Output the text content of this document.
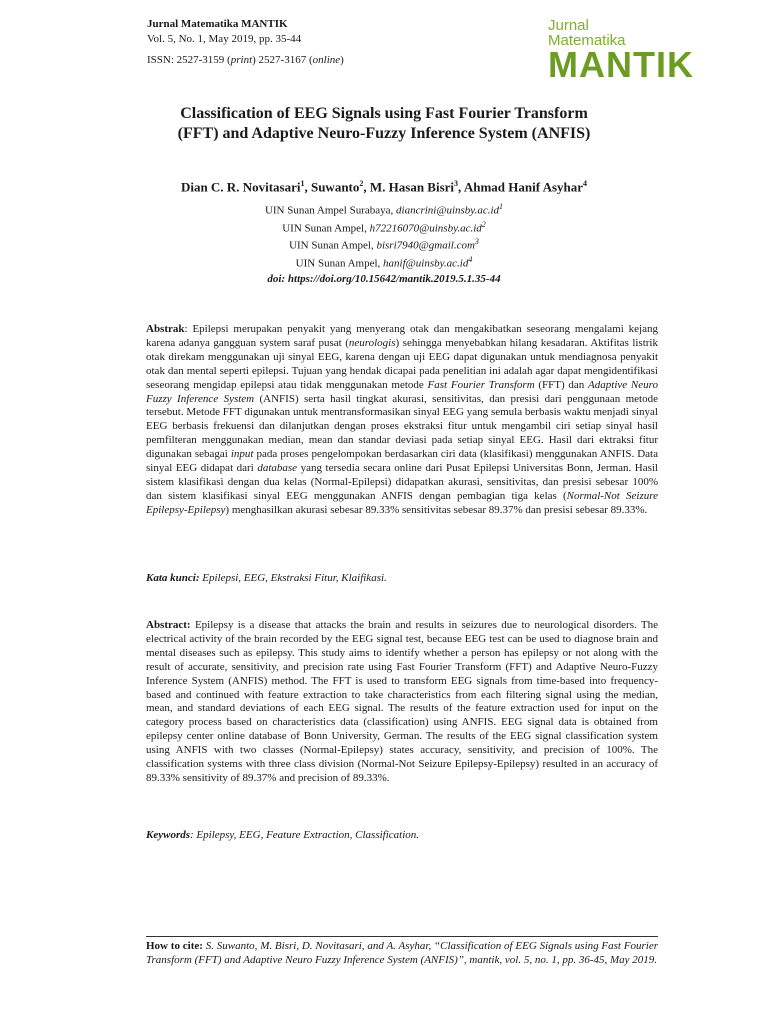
Jurnal Matematika MANTIK
Vol. 5, No. 1, May 2019, pp. 35-44
ISSN: 2527-3159 (print) 2527-3167 (online)
Jurnal Matematika
MANTIK
Classification of EEG Signals using Fast Fourier Transform
(FFT) and Adaptive Neuro-Fuzzy Inference System (ANFIS)
Dian C. R. Novitasari$^1$, Suwanto$^2$, M. Hasan Bisri$^3$, Ahmad Hanif Asyhar$^4$
UIN Sunan Ampel Surabaya, $diancrini@uinsby.ac.id^1$
UIN Sunan Ampel, $h72216070@uinsby.ac.id^2$
UIN Sunan Ampel, bisri7940@gmail.com$^3$
UIN Sunan Ampel, $hanif@uinsby.ac.id^4$
doi: https://doi.org/10.15642/mantik.2019.5.1.35-44
Abstrak: Epilepsi merupakan penyakit yang menyerang otak dan mengakibatkan seseorang mengalami kejang karena adanya gangguan system saraf pusat (neurologis) sehingga menyebabkan hilang kesadaran. Aktifitas listrik otak direkam menggunakan uji sinyal EEG, karena dengan uji EEG dapat digunakan untuk mendiagnosa penyakit otak dan mental seperti epilepsi. Tujuan yang hendak dicapai pada penelitian ini adalah agar dapat mengidentifikasi seseorang mengidap epilepsi atau tidak menggunakan metode Fast Fourier Transform (FFT) dan Adaptive Neuro Fuzzy Inference System (ANFIS) serta hasil tingkat akurasi, sensitivitas, dan presisi dari penggunaan metode tersebut. Metode FFT digunakan untuk mentransformasikan sinyal EEG yang semula berbasis waktu menjadi sinyal EEG berbasis frekuensi dan dilanjutkan dengan proses ekstraksi fitur untuk mengambil ciri setiap sinyal hasil pemfilteran menggunakan median, mean dan standar deviasi pada setiap sinyal EEG. Hasil dari ektraksi fitur digunakan sebagai input pada proses pengelompokan berdasarkan ciri data (klasifikasi) menggunakan ANFIS. Data sinyal EEG didapat dari database yang tersedia secara online dari Pusat Epilepsi Universitas Bonn, Jerman. Hasil sistem klasifikasi dengan dua kelas (Normal-Epilepsi) didapatkan akurasi, sensitivitas, dan presisi sebesar 100% dan sistem klasifikasi sinyal EEG menggunakan ANFIS dengan pembagian tiga kelas (Normal-Not Seizure Epilepsy-Epilepsy) menghasilkan akurasi sebesar 89.33% sensitivitas sebesar 89.37% dan presisi sebesar 89.33%.
Kata kunci: Epilepsi, EEG, Ekstraksi Fitur, Klaifikasi.
Abstract: Epilepsy is a disease that attacks the brain and results in seizures due to neurological disorders. The electrical activity of the brain recorded by the EEG signal test, because EEG test can be used to diagnose brain and mental diseases such as epilepsy. This study aims to identify whether a person has epilepsy or not along with the result of accurate, sensitivity, and precision rate using Fast Fourier Transform (FFT) and Adaptive Neuro-Fuzzy Inference System (ANFIS) method. The FFT is used to transform EEG signals from time-based into frequency-based and continued with feature extraction to take characteristics from each filtering signal using the median, mean, and standard deviations of each EEG signal. The results of the feature extraction used for input on the category process based on characteristics data (classification) using ANFIS. EEG signal data is obtained from epilepsy center online database of Bonn University, German. The results of the EEG signal classification system using ANFIS with two classes (Normal-Epilepsy) states accuracy, sensitivity, and precision of 100%. The classification systems with three class division (Normal-Not Seizure Epilepsy-Epilepsy) resulted in an accuracy of 89.33% sensitivity of 89.37% and precision of 89.33%.
Keywords: Epilepsy, EEG, Feature Extraction, Classification.
How to cite: S. Suwanto, M. Bisri, D. Novitasari, and A. Asyhar, “Classification of EEG Signals using Fast Fourier Transform (FFT) and Adaptive Neuro Fuzzy Inference System (ANFIS)”, mantik, vol. 5, no. 1, pp. 36-45, May 2019.
